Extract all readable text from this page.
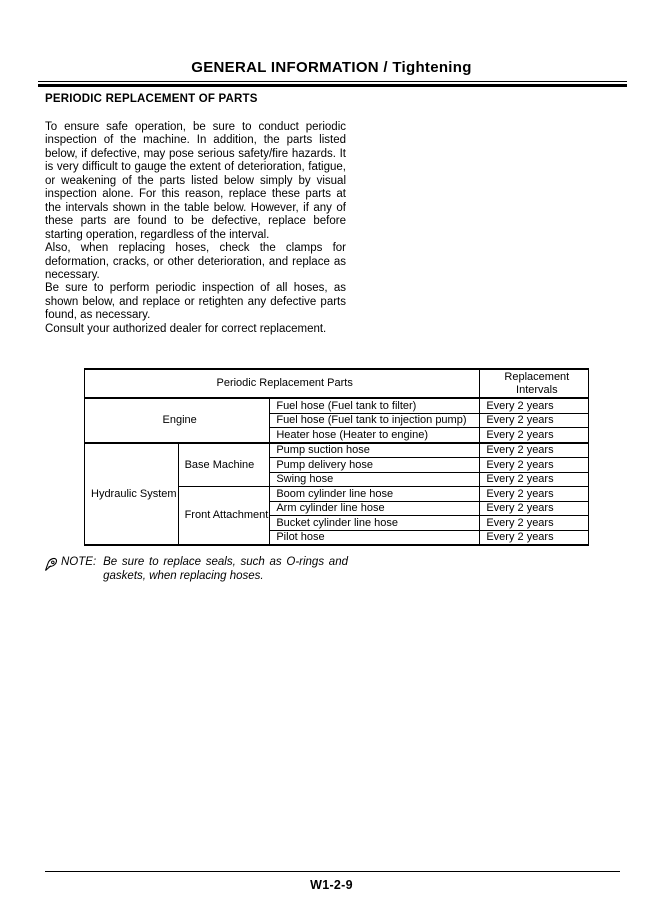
GENERAL INFORMATION / Tightening
PERIODIC REPLACEMENT OF PARTS

To ensure safe operation, be sure to conduct periodic inspection of the machine. In addition, the parts listed below, if defective, may pose serious safety/fire hazards. It is very difficult to gauge the extent of deterioration, fatigue, or weakening of the parts listed below simply by visual inspection alone. For this reason, replace these parts at the intervals shown in the table below. However, if any of these parts are found to be defective, replace before starting operation, regardless of the interval.

Also, when replacing hoses, check the clamps for deformation, cracks, or other deterioration, and replace as necessary.

Be sure to perform periodic inspection of all hoses, as shown below, and replace or retighten any defective parts found, as necessary.

Consult your authorized dealer for correct replacement.

Periodic Replacement Parts			Replacement Intervals
Engine		Fuel hose (Fuel tank to filter)	Every 2 years
		Fuel hose (Fuel tank to injection pump)	Every 2 years
		Heater hose (Heater to engine)	Every 2 years
Hydraulic System	Base Machine	Pump suction hose	Every 2 years
		Pump delivery hose	Every 2 years
		Swing hose	Every 2 years
	Front Attachment	Boom cylinder line hose	Every 2 years
		Arm cylinder line hose	Every 2 years
		Bucket cylinder line hose	Every 2 years
		Pilot hose	Every 2 years
NOTE: Be sure to replace seals, such as O-rings and gaskets, when replacing hoses.
W1-2-9
